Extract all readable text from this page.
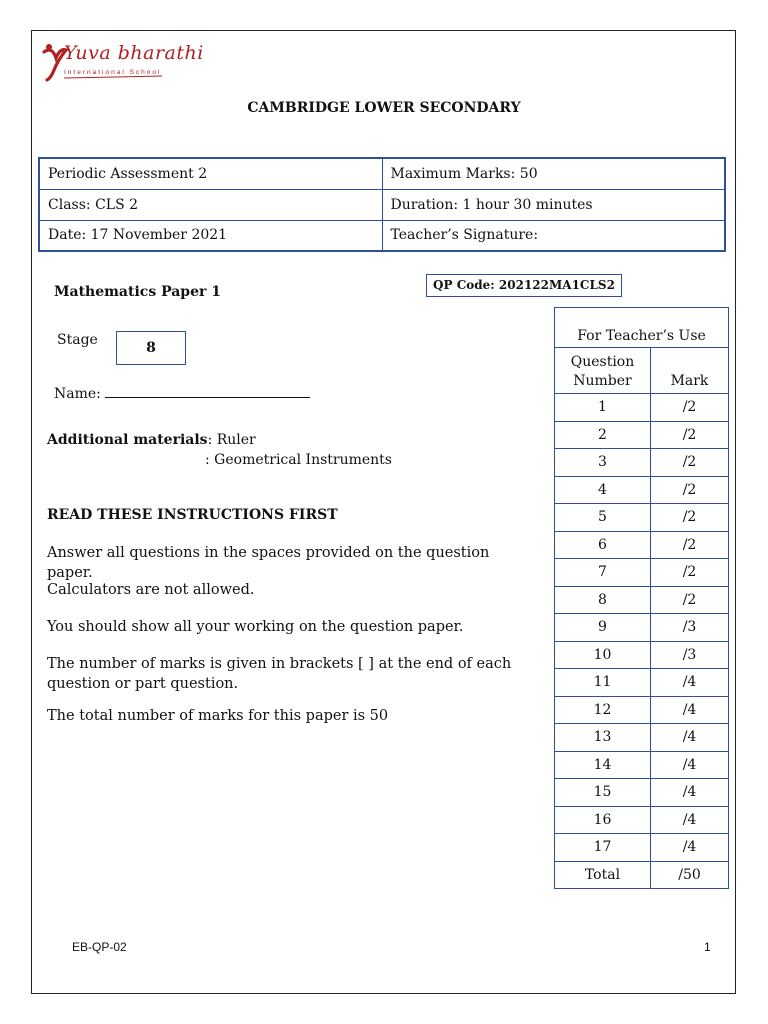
Yuva bharathi
International School
CAMBRIDGE LOWER SECONDARY
Periodic Assessment 2	Maximum Marks: 50
Class: CLS 2	Duration: 1 hour 30 minutes
Date: 17 November 2021	Teacher’s Signature:
Mathematics Paper 1	QP Code: 202122MA1CLS2
Stage	8
Name:
Additional materials: Ruler
: Geometrical Instruments
READ THESE INSTRUCTIONS FIRST
Answer all questions in the spaces provided on the question paper.
Calculators are not allowed.
You should show all your working on the question paper.
The number of marks is given in brackets [ ] at the end of each question or part question.
The total number of marks for this paper is 50
For Teacher’s Use	
Question Number	Mark
1	/2
2	/2
3	/2
4	/2
5	/2
6	/2
7	/2
8	/2
9	/3
10	/3
11	/4
12	/4
13	/4
14	/4
15	/4
16	/4
17	/4
Total	/50
EB-QP-02	1
